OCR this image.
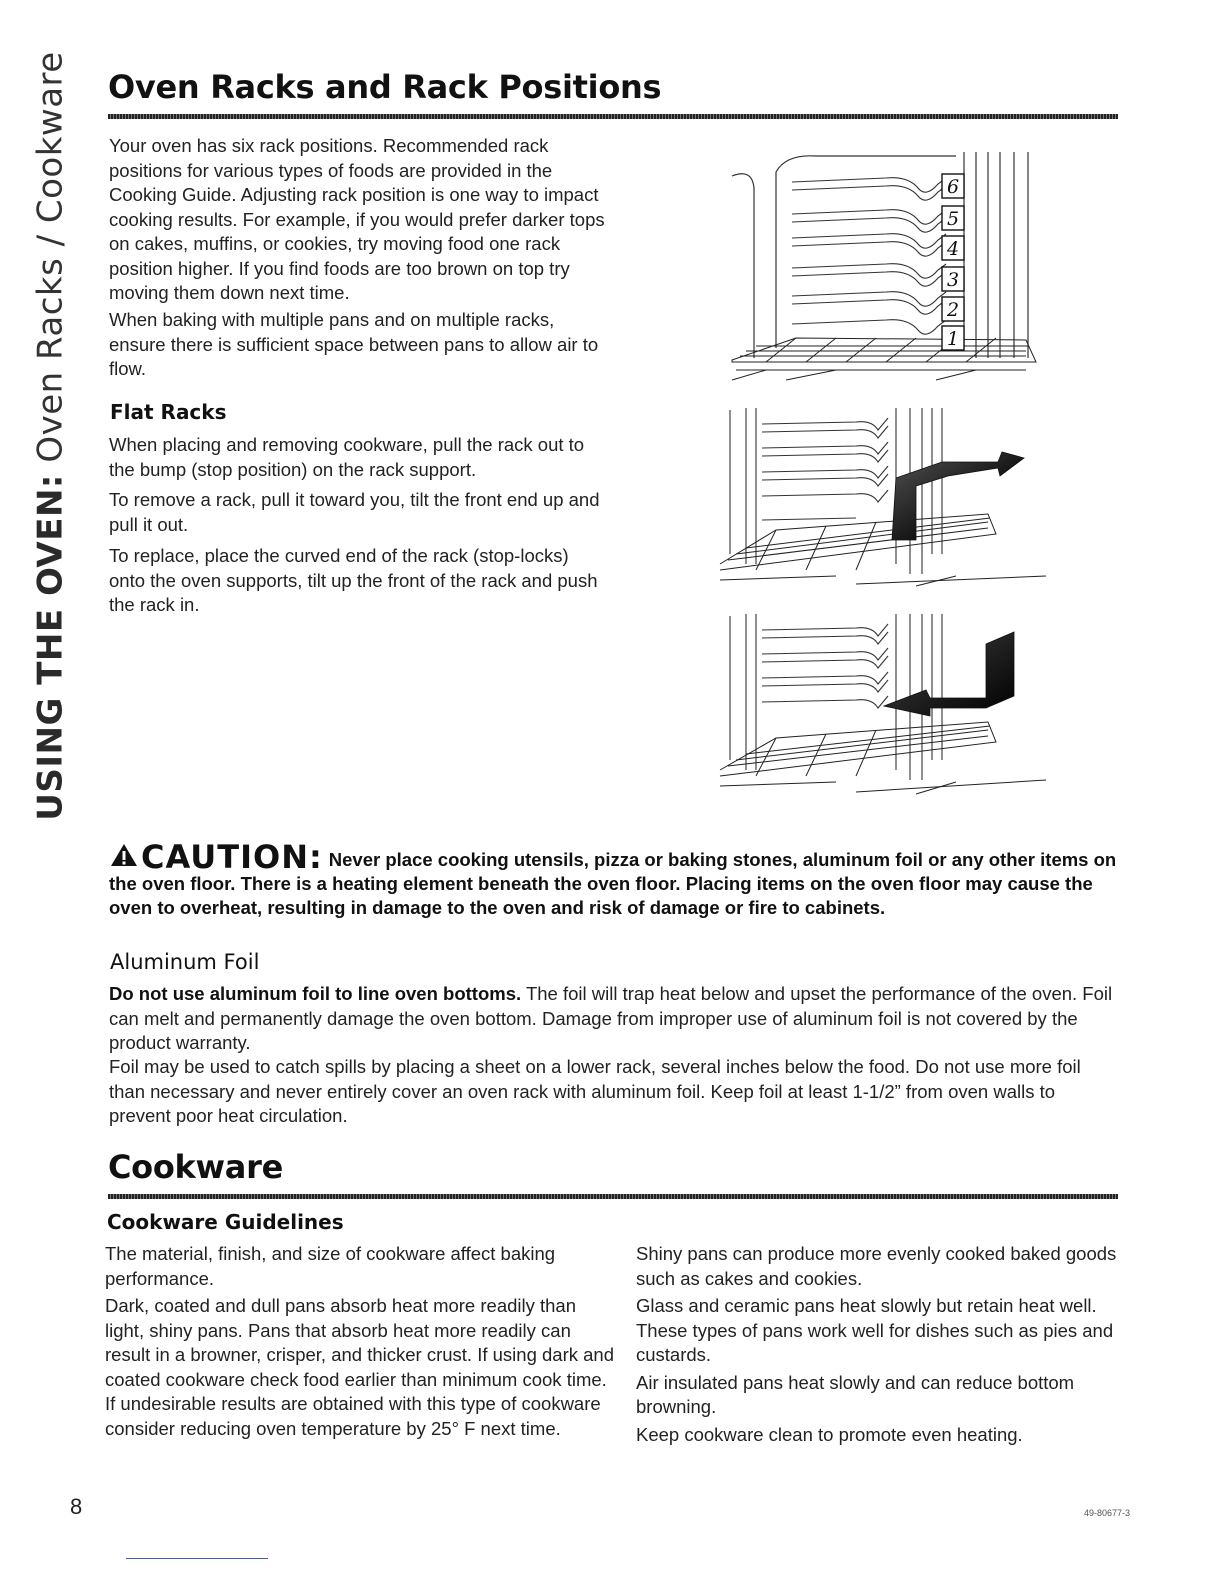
USING THE OVEN: Oven Racks / Cookware Oven Racks and Rack Positions

Your oven has six rack positions. Recommended rack positions for various types of foods are provided in the Cooking Guide. Adjusting rack position is one way to impact cooking results. For example, if you would prefer darker tops on cakes, muffins, or cookies, try moving food one rack position higher. If you find foods are too brown on top try moving them down next time.

When baking with multiple pans and on multiple racks, ensure there is sufficient space between pans to allow air to flow.

Flat Racks

When placing and removing cookware, pull the rack out to the bump (stop position) on the rack support.

To remove a rack, pull it toward you, tilt the front end up and pull it out.

To replace, place the curved end of the rack (stop-locks) onto the oven supports, tilt up the front of the rack and push the rack in.

6
5
4
3
2
1

CAUTION: Never place cooking utensils, pizza or baking stones, aluminum foil or any other items on the oven floor. There is a heating element beneath the oven floor. Placing items on the oven floor may cause the oven to overheat, resulting in damage to the oven and risk of damage or fire to cabinets.

Aluminum Foil

Do not use aluminum foil to line oven bottoms. The foil will trap heat below and upset the performance of the oven. Foil can melt and permanently damage the oven bottom. Damage from improper use of aluminum foil is not covered by the product warranty.

Foil may be used to catch spills by placing a sheet on a lower rack, several inches below the food. Do not use more foil than necessary and never entirely cover an oven rack with aluminum foil. Keep foil at least 1-1/2” from oven walls to prevent poor heat circulation.

Cookware
Cookware Guidelines

The material, finish, and size of cookware affect baking performance.

Dark, coated and dull pans absorb heat more readily than light, shiny pans. Pans that absorb heat more readily can result in a browner, crisper, and thicker crust. If using dark and coated cookware check food earlier than minimum cook time. If undesirable results are obtained with this type of cookware consider reducing oven temperature by 25° F next time.

Shiny pans can produce more evenly cooked baked goods such as cakes and cookies.

Glass and ceramic pans heat slowly but retain heat well. These types of pans work well for dishes such as pies and custards.

Air insulated pans heat slowly and can reduce bottom browning.

Keep cookware clean to promote even heating.

8	49-80677-3
